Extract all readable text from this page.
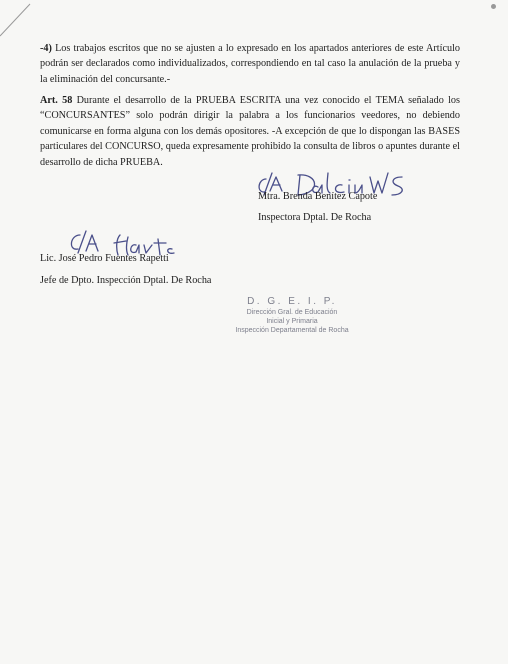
-4) Los trabajos escritos que no se ajusten a lo expresado en los apartados anteriores de este Artículo podrán ser declarados como individualizados, correspondiendo en tal caso la anulación de la prueba y la eliminación del concursante.-

Art. 58 Durante el desarrollo de la PRUEBA ESCRITA una vez conocido el TEMA señalado los “CONCURSANTES” solo podrán dirigir la palabra a los funcionarios veedores, no debiendo comunicarse en forma alguna con los demás opositores. -A excepción de que lo dispongan las BASES particulares del CONCURSO, queda expresamente prohibido la consulta de libros o apuntes durante el desarrollo de dicha PRUEBA.

Mtra. Brenda Benítez Capote
Inspectora Dptal. De Rocha
Lic. José Pedro Fuentes Rapetti
Jefe de Dpto. Inspección Dptal. De Rocha
D. G. E. I. P.
Dirección Gral. de Educación
Inicial y Primaria
Inspección Departamental de Rocha
